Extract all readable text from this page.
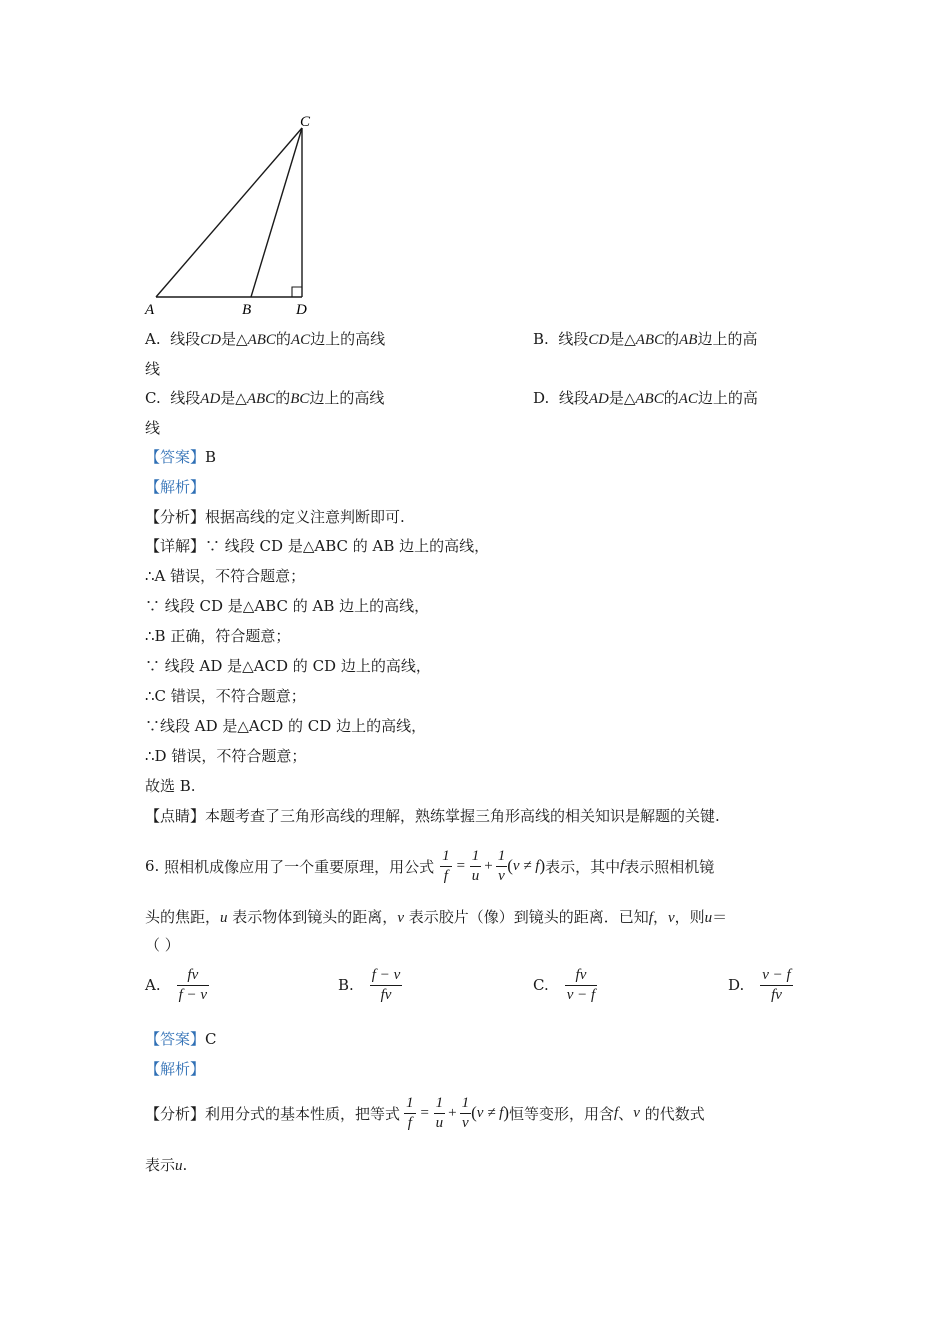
C
A	B	D
A. 线段CD是△ABC的AC边上的高线	B. 线段CD是△ABC的AB边上的高
线
C. 线段AD是△ABC的BC边上的高线	D. 线段AD是△ABC的AC边上的高
线
【答案】B
【解析】
【分析】根据高线的定义注意判断即可.
【详解】∵ 线段 CD 是△ABC 的 AB 边上的高线，
∴A 错误，不符合题意；
∵ 线段 CD 是△ABC 的 AB 边上的高线，
∴B 正确，符合题意；
∵ 线段 AD 是△ACD 的 CD 边上的高线，
∴C 错误，不符合题意；
∵线段 AD 是△ACD 的 CD 边上的高线，
∴D 错误，不符合题意；
故选 B.
【点睛】本题考查了三角形高线的理解，熟练掌握三角形高线的相关知识是解题的关键.
6.
照相机成像应用了一个重要原理，用公式 $\frac{1}{f} = \frac{1}{u} + \frac{1}{v}$ ( v ≠ f ) 表示，其中 f 表示照相机镜
头的焦距，u 表示物体到镜头的距离，v 表示胶片（像）到镜头的距离．已知f，v，则u＝
（ ）
A. $\frac{fv}{f - v}$	B. $\frac{f - v}{fv}$	C. $\frac{fv}{v - f}$	D. $\frac{v - f}{fv}$
【答案】C
【解析】
【分析】 利用分式的基本性质，把等式 $\frac{1}{f} = \frac{1}{u} + \frac{1}{v}$ ( v ≠ f ) 恒等变形，用含 f 、 v
的代数式
表示u.
